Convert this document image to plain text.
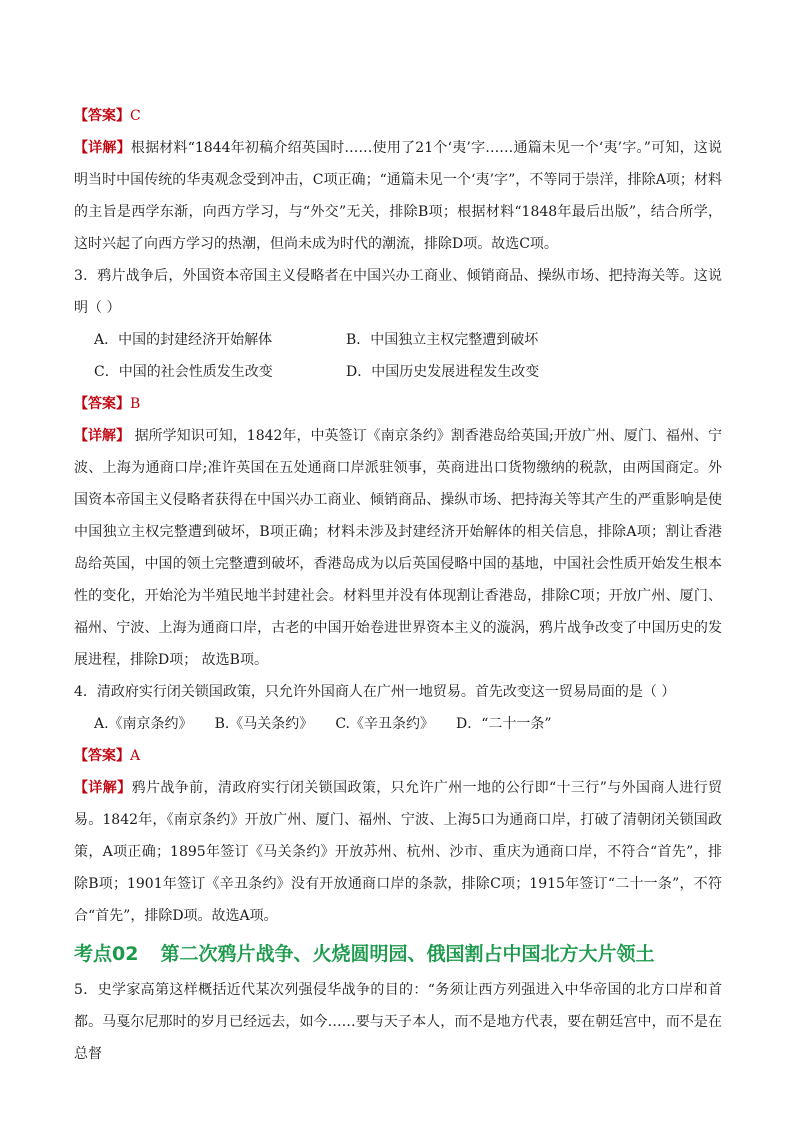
【答案】C
【详解】根据材料“1844年初稿介绍英国时……使用了21个‘夷’字……通篇未见一个‘夷’字。”可知，这说明当时中国传统的华夷观念受到冲击，C项正确；“通篇未见一个‘夷’字”，不等同于崇洋，排除A项；材料的主旨是西学东渐，向西方学习，与“外交”无关，排除B项；根据材料“1848年最后出版”，结合所学，这时兴起了向西方学习的热潮，但尚未成为时代的潮流，排除D项。故选C项。
3．鸦片战争后，外国资本帝国主义侵略者在中国兴办工商业、倾销商品、操纵市场、把持海关等。这说明（ ）
A．中国的封建经济开始解体	B．中国独立主权完整遭到破坏
C．中国的社会性质发生改变	D．中国历史发展进程发生改变
【答案】B
【详解】 据所学知识可知，1842年，中英签订《南京条约》割香港岛给英国;开放广州、厦门、福州、宁波、上海为通商口岸;准许英国在五处通商口岸派驻领事，英商进出口货物缴纳的税款，由两国商定。外国资本帝国主义侵略者获得在中国兴办工商业、倾销商品、操纵市场、把持海关等其产生的严重影响是使中国独立主权完整遭到破坏，B项正确；材料未涉及封建经济开始解体的相关信息，排除A项；割让香港岛给英国，中国的领土完整遭到破坏，香港岛成为以后英国侵略中国的基地，中国社会性质开始发生根本性的变化，开始沦为半殖民地半封建社会。材料里并没有体现割让香港岛，排除C项；开放广州、厦门、福州、宁波、上海为通商口岸，古老的中国开始卷进世界资本主义的漩涡，鸦片战争改变了中国历史的发展进程，排除D项； 故选B项。
4．清政府实行闭关锁国政策，只允许外国商人在广州一地贸易。首先改变这一贸易局面的是（ ）
A.《南京条约》 B.《马关条约》 C.《辛丑条约》 D．“二十一条”
【答案】A
【详解】鸦片战争前，清政府实行闭关锁国政策，只允许广州一地的公行即“十三行”与外国商人进行贸易。1842年，《南京条约》开放广州、厦门、福州、宁波、上海5口为通商口岸，打破了清朝闭关锁国政策，A项正确；1895年签订《马关条约》开放苏州、杭州、沙市、重庆为通商口岸，不符合“首先”，排除B项；1901年签订《辛丑条约》没有开放通商口岸的条款，排除C项；1915年签订“二十一条”，不符合“首先”，排除D项。故选A项。
考点02 第二次鸦片战争、火烧圆明园、俄国割占中国北方大片领土
5．史学家高第这样概括近代某次列强侵华战争的目的：“务须让西方列强进入中华帝国的北方口岸和首都。马戛尔尼那时的岁月已经远去，如今……要与天子本人，而不是地方代表，要在朝廷宫中，而不是在总督
